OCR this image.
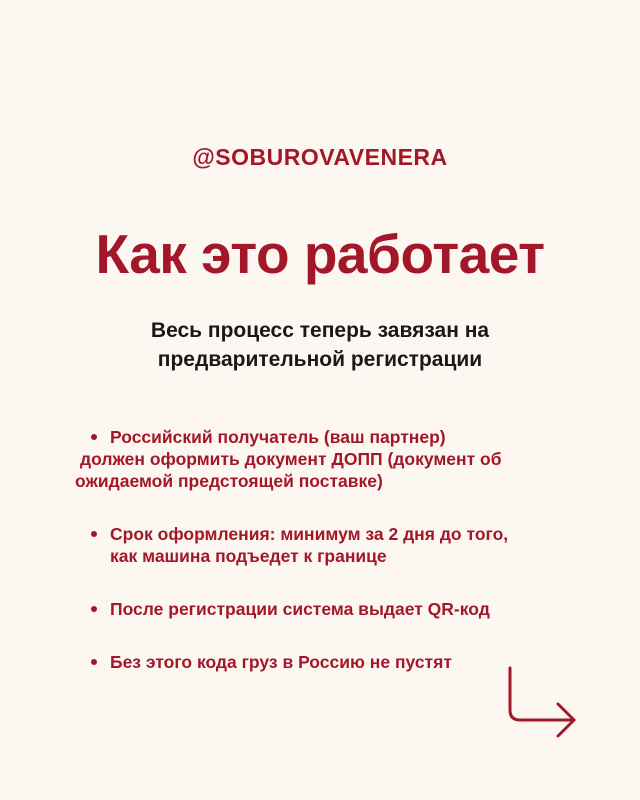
@SOBUROVAVENERA
Как это работает
Весь процесс теперь завязан на
предварительной регистрации
Российский получатель (ваш партнер)
должен оформить документ ДОПП (документ об
ожидаемой предстоящей поставке)
Срок оформления: минимум за 2 дня до того,
как машина подъедет к границе
После регистрации система выдает QR-код
Без этого кода груз в Россию не пустят
